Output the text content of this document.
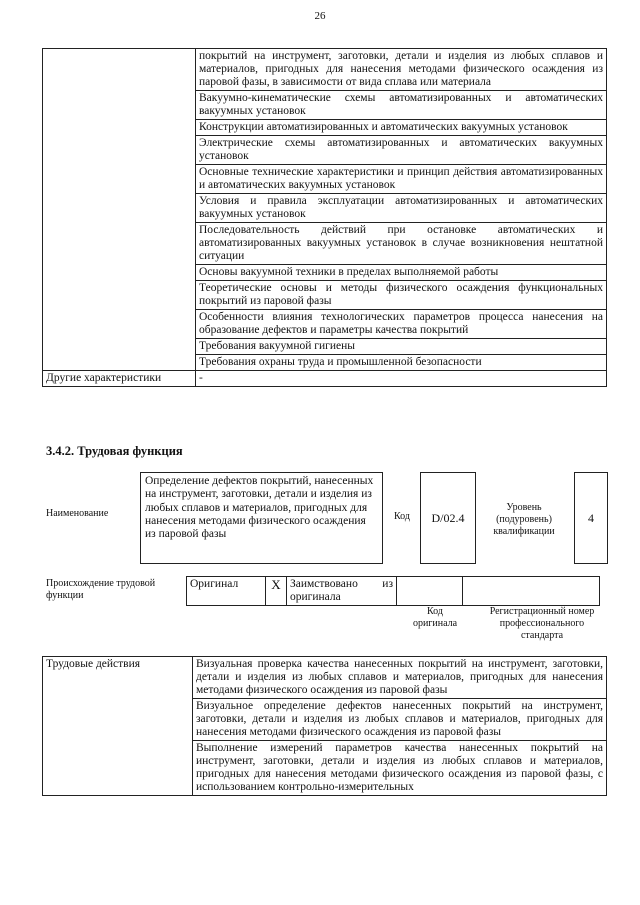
26
	покрытий на инструмент, заготовки, детали и изделия из любых сплавов и материалов, пригодных для нанесения методами физического осаждения из паровой фазы, в зависимости от вида сплава или материала
	Вакуумно-кинематические схемы автоматизированных и автоматических вакуумных установок
	Конструкции автоматизированных и автоматических вакуумных установок
	Электрические схемы автоматизированных и автоматических вакуумных установок
	Основные технические характеристики и принцип действия автоматизированных и автоматических вакуумных установок
	Условия и правила эксплуатации автоматизированных и автоматических вакуумных установок
	Последовательность действий при остановке автоматических и автоматизированных вакуумных установок в случае возникновения нештатной ситуации
	Основы вакуумной техники в пределах выполняемой работы
	Теоретические основы и методы физического осаждения функциональных покрытий из паровой фазы
	Особенности влияния технологических параметров процесса нанесения на образование дефектов и параметры качества покрытий
	Требования вакуумной гигиены
	Требования охраны труда и промышленной безопасности
Другие характеристики	-
3.4.2. Трудовая функция
Наименование
Определение дефектов покрытий, нанесенных на инструмент, заготовки, детали и изделия из любых сплавов и материалов, пригодных для нанесения методами физического осаждения из паровой фазы
Код	D/02.4
Уровень (подуровень) квалификации
4
Происхождение трудовой функции
Оригинал	X	Заимствовано из оригинала		
Код оригинала
Регистрационный номер профессионального стандарта
Трудовые действия	Визуальная проверка качества нанесенных покрытий на инструмент, заготовки, детали и изделия из любых сплавов и материалов, пригодных для нанесения методами физического осаждения из паровой фазы
Визуальное определение дефектов нанесенных покрытий на инструмент, заготовки, детали и изделия из любых сплавов и материалов, пригодных для нанесения методами физического осаждения из паровой фазы
Выполнение измерений параметров качества нанесенных покрытий на инструмент, заготовки, детали и изделия из любых сплавов и материалов, пригодных для нанесения методами физического осаждения из паровой фазы, с использованием контрольно-измерительных
